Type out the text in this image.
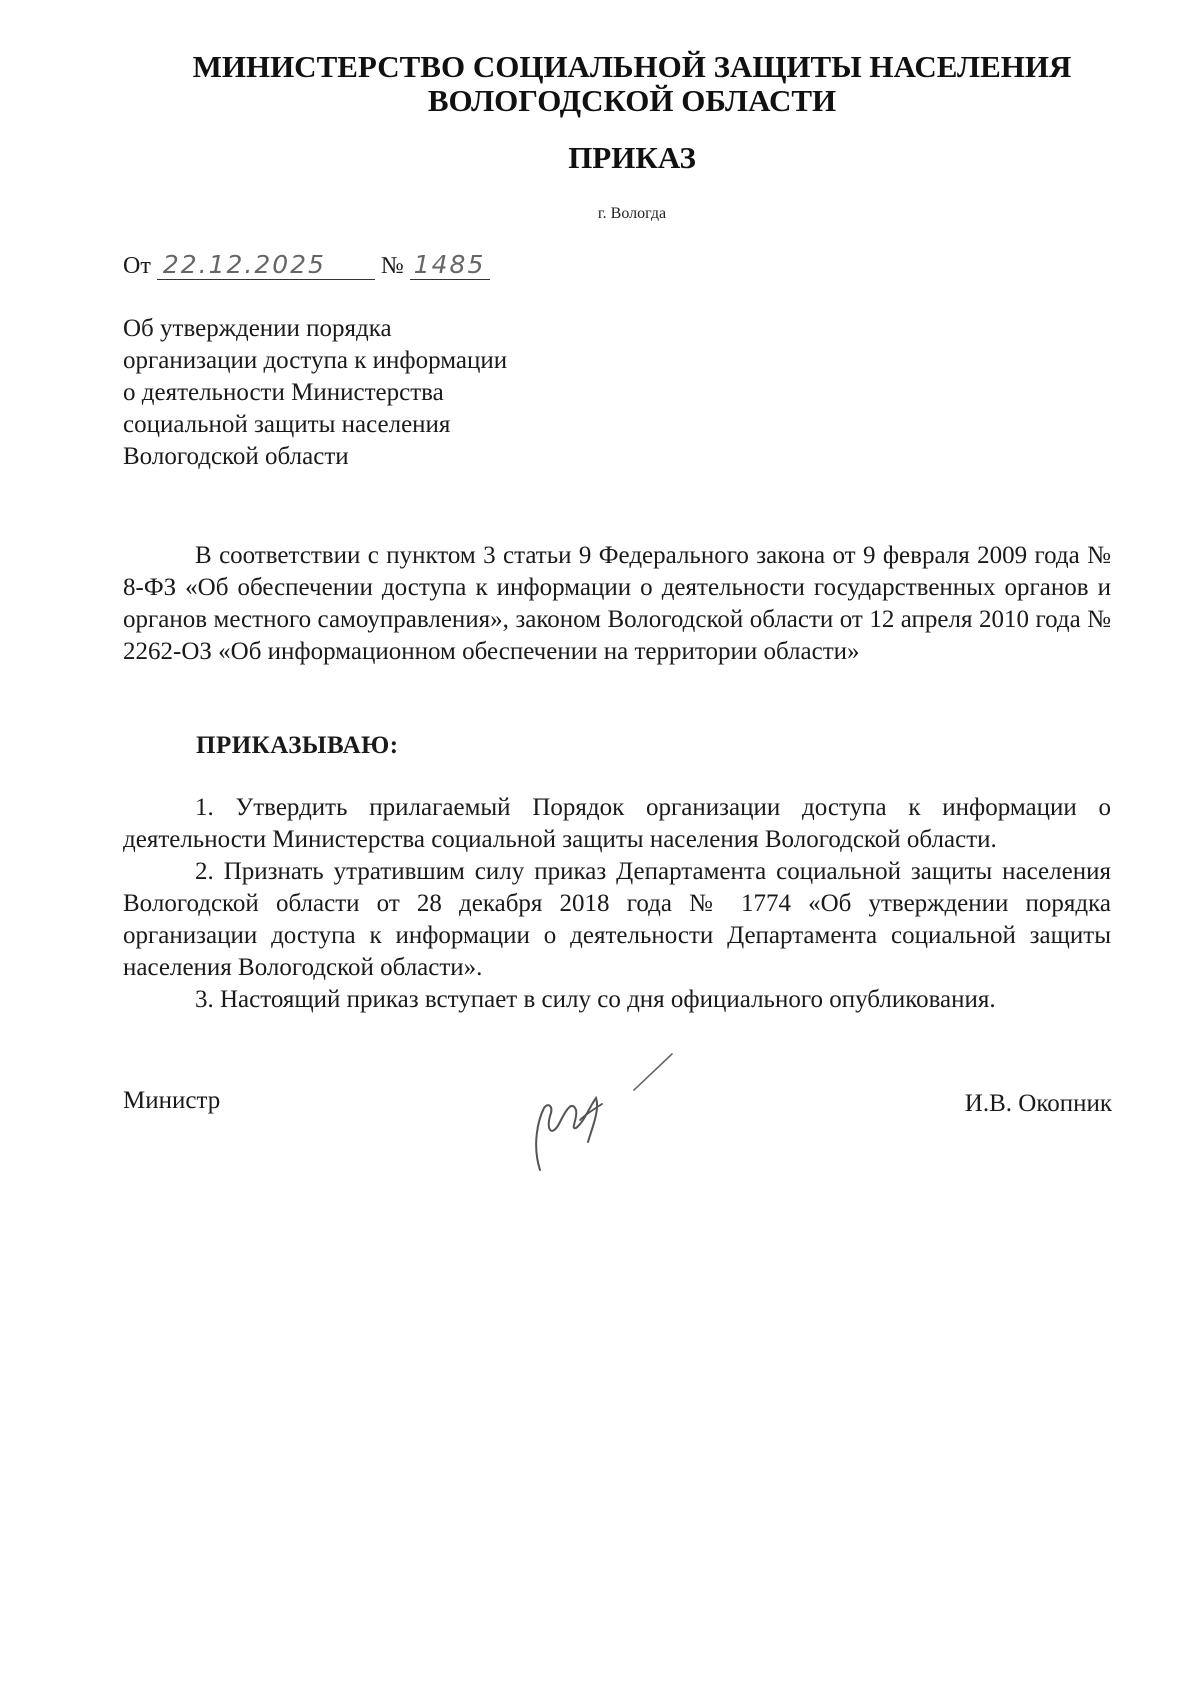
МИНИСТЕРСТВО СОЦИАЛЬНОЙ ЗАЩИТЫ НАСЕЛЕНИЯ
ВОЛОГОДСКОЙ ОБЛАСТИ
ПРИКАЗ
г. Вологда
От 22.12.2025 № 1485
Об утверждении порядка организации доступа к информации о деятельности Министерства социальной защиты населения Вологодской области
В соответствии с пунктом 3 статьи 9 Федерального закона от 9 февраля 2009 года № 8-ФЗ «Об обеспечении доступа к информации о деятельности государственных органов и органов местного самоуправления», законом Вологодской области от 12 апреля 2010 года № 2262-ОЗ «Об информационном обеспечении на территории области»
ПРИКАЗЫВАЮ:

1. Утвердить прилагаемый Порядок организации доступа к информации о деятельности Министерства социальной защиты населения Вологодской области.

2. Признать утратившим силу приказ Департамента социальной защиты населения Вологодской области от 28 декабря 2018 года № 1774 «Об утверждении порядка организации доступа к информации о деятельности Департамента социальной защиты населения Вологодской области».

3. Настоящий приказ вступает в силу со дня официального опубликования.

Министр	И.В. Окопник
